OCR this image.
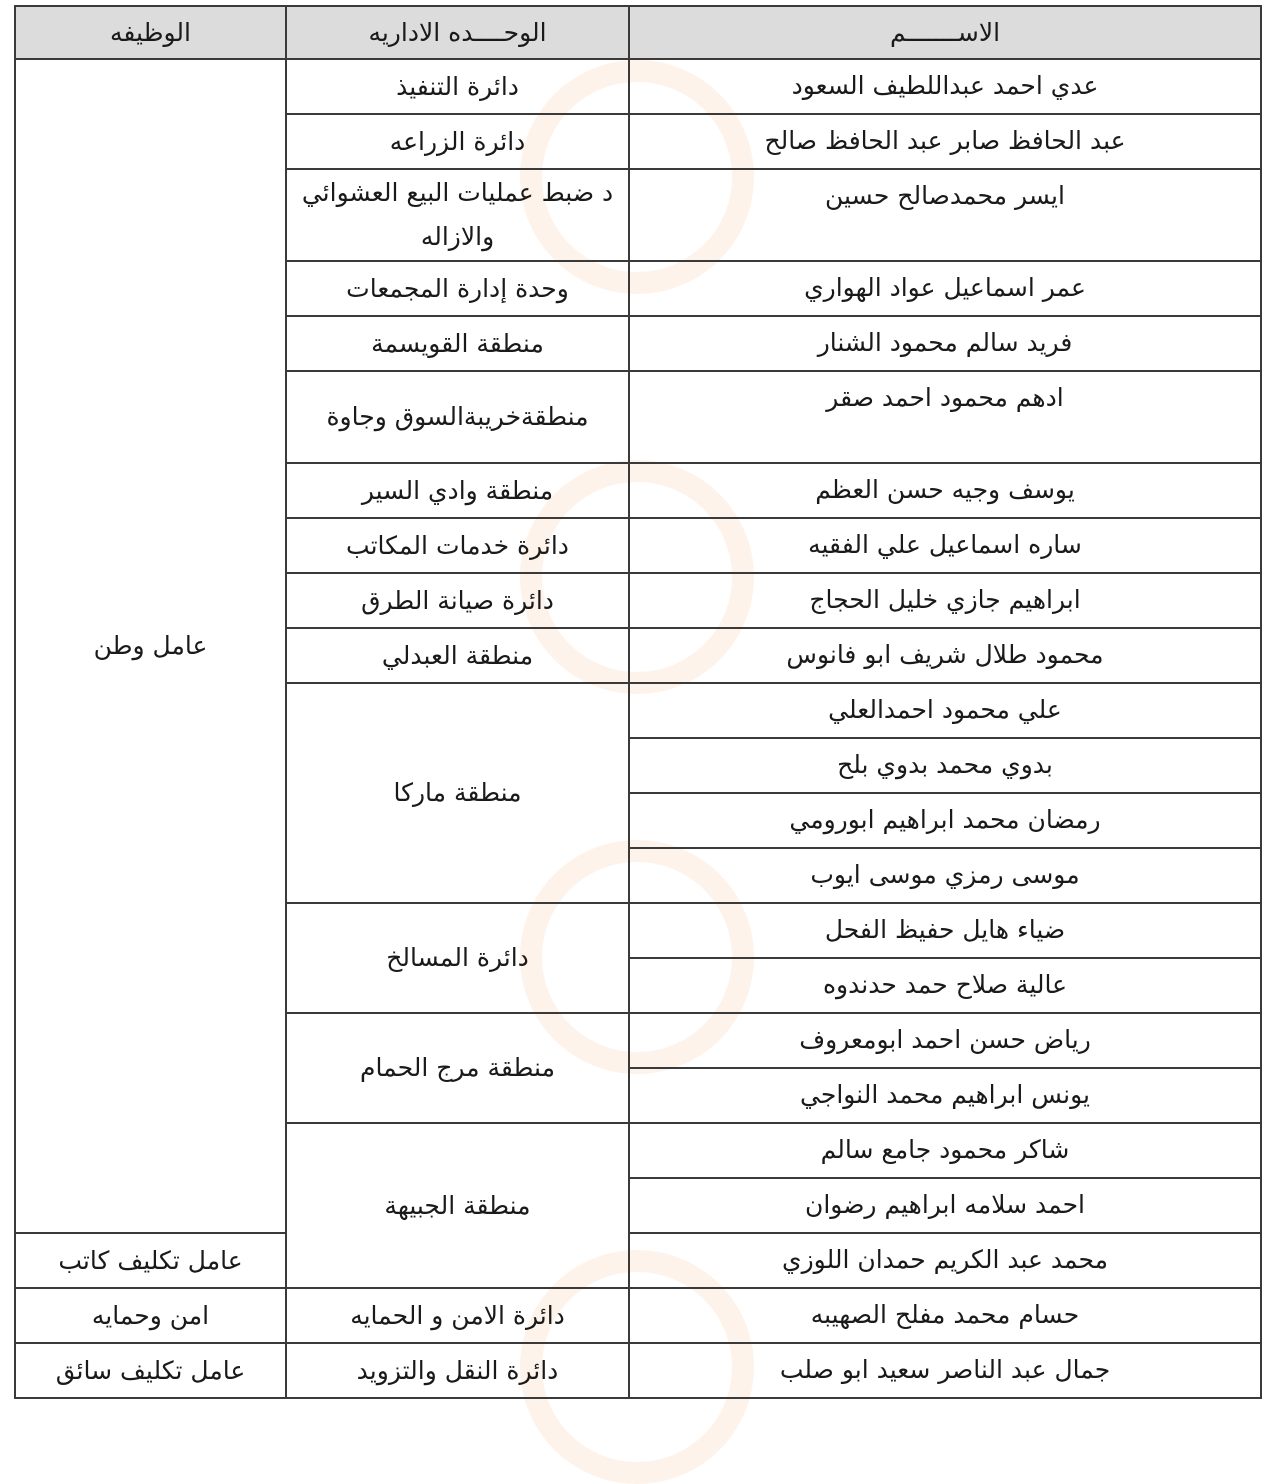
الاســـــــم	الوحــــده الاداريه	الوظيفه
عدي احمد عبداللطيف السعود	دائرة التنفيذ	عامل وطن
عبد الحافظ صابر عبد الحافظ صالح	دائرة الزراعه	
ايسر محمدصالح حسين	د ضبط عمليات البيع العشوائي والازاله	
عمر اسماعيل عواد الهواري	وحدة إدارة المجمعات	
فريد سالم محمود الشنار	منطقة القويسمة	
ادهم محمود احمد صقر	منطقةخريبةالسوق وجاوة	
يوسف وجيه حسن العظم	منطقة وادي السير	
ساره اسماعيل علي الفقيه	دائرة خدمات المكاتب	
ابراهيم جازي خليل الحجاج	دائرة صيانة الطرق	
محمود طلال شريف ابو فانوس	منطقة العبدلي	
علي محمود احمدالعلي	منطقة ماركا	
بدوي محمد بدوي بلح		
رمضان محمد ابراهيم ابورومي		
موسى رمزي موسى ايوب		
ضياء هايل حفيظ الفحل	دائرة المسالخ	
عالية صلاح حمد حدندوه		
رياض حسن احمد ابومعروف	منطقة مرج الحمام	
يونس ابراهيم محمد النواجي		
شاكر محمود جامع سالم	منطقة الجبيهة	
احمد سلامه ابراهيم رضوان		
محمد عبد الكريم حمدان اللوزي		عامل تكليف كاتب
حسام محمد مفلح الصهيبه	دائرة الامن و الحمايه	امن وحمايه
جمال عبد الناصر سعيد ابو صلب	دائرة النقل والتزويد	عامل تكليف سائق
